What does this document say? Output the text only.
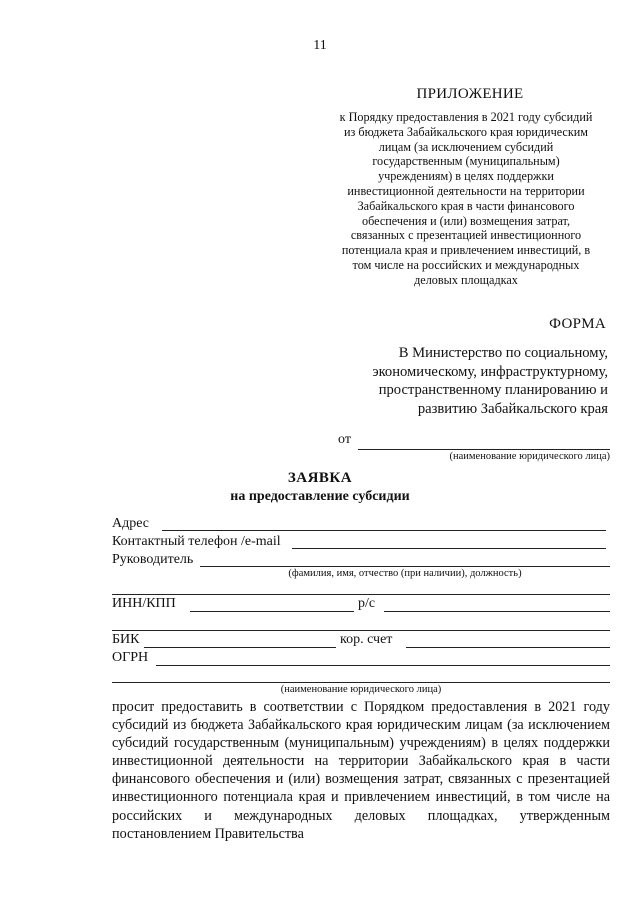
11
ПРИЛОЖЕНИЕ
к Порядку предоставления в 2021 году субсидий
из бюджета Забайкальского края юридическим
лицам (за исключением субсидий
государственным (муниципальным)
учреждениям) в целях поддержки
инвестиционной деятельности на территории
Забайкальского края в части финансового
обеспечения и (или) возмещения затрат,
связанных с презентацией инвестиционного
потенциала края и привлечением инвестиций, в
том числе на российских и международных
деловых площадках
ФОРМА
В Министерство по социальному,
экономическому, инфраструктурному,
пространственному планированию и
развитию Забайкальского края
от
(наименование юридического лица)
ЗАЯВКА
на предоставление субсидии
Адрес
Контактный телефон /e-mail
Руководитель
(фамилия, имя, отчество (при наличии), должность)
ИНН/КПП	р/с
БИК	кор. счет
ОГРН
(наименование юридического лица)
просит предоставить в соответствии с Порядком предоставления в 2021 году субсидий из бюджета Забайкальского края юридическим лицам (за исключением субсидий государственным (муниципальным) учреждениям) в целях поддержки инвестиционной деятельности на территории Забайкальского края в части финансового обеспечения и (или) возмещения затрат, связанных с презентацией инвестиционного потенциала края и привлечением инвестиций, в том числе на российских и международных деловых площадках, утвержденным постановлением Правительства
